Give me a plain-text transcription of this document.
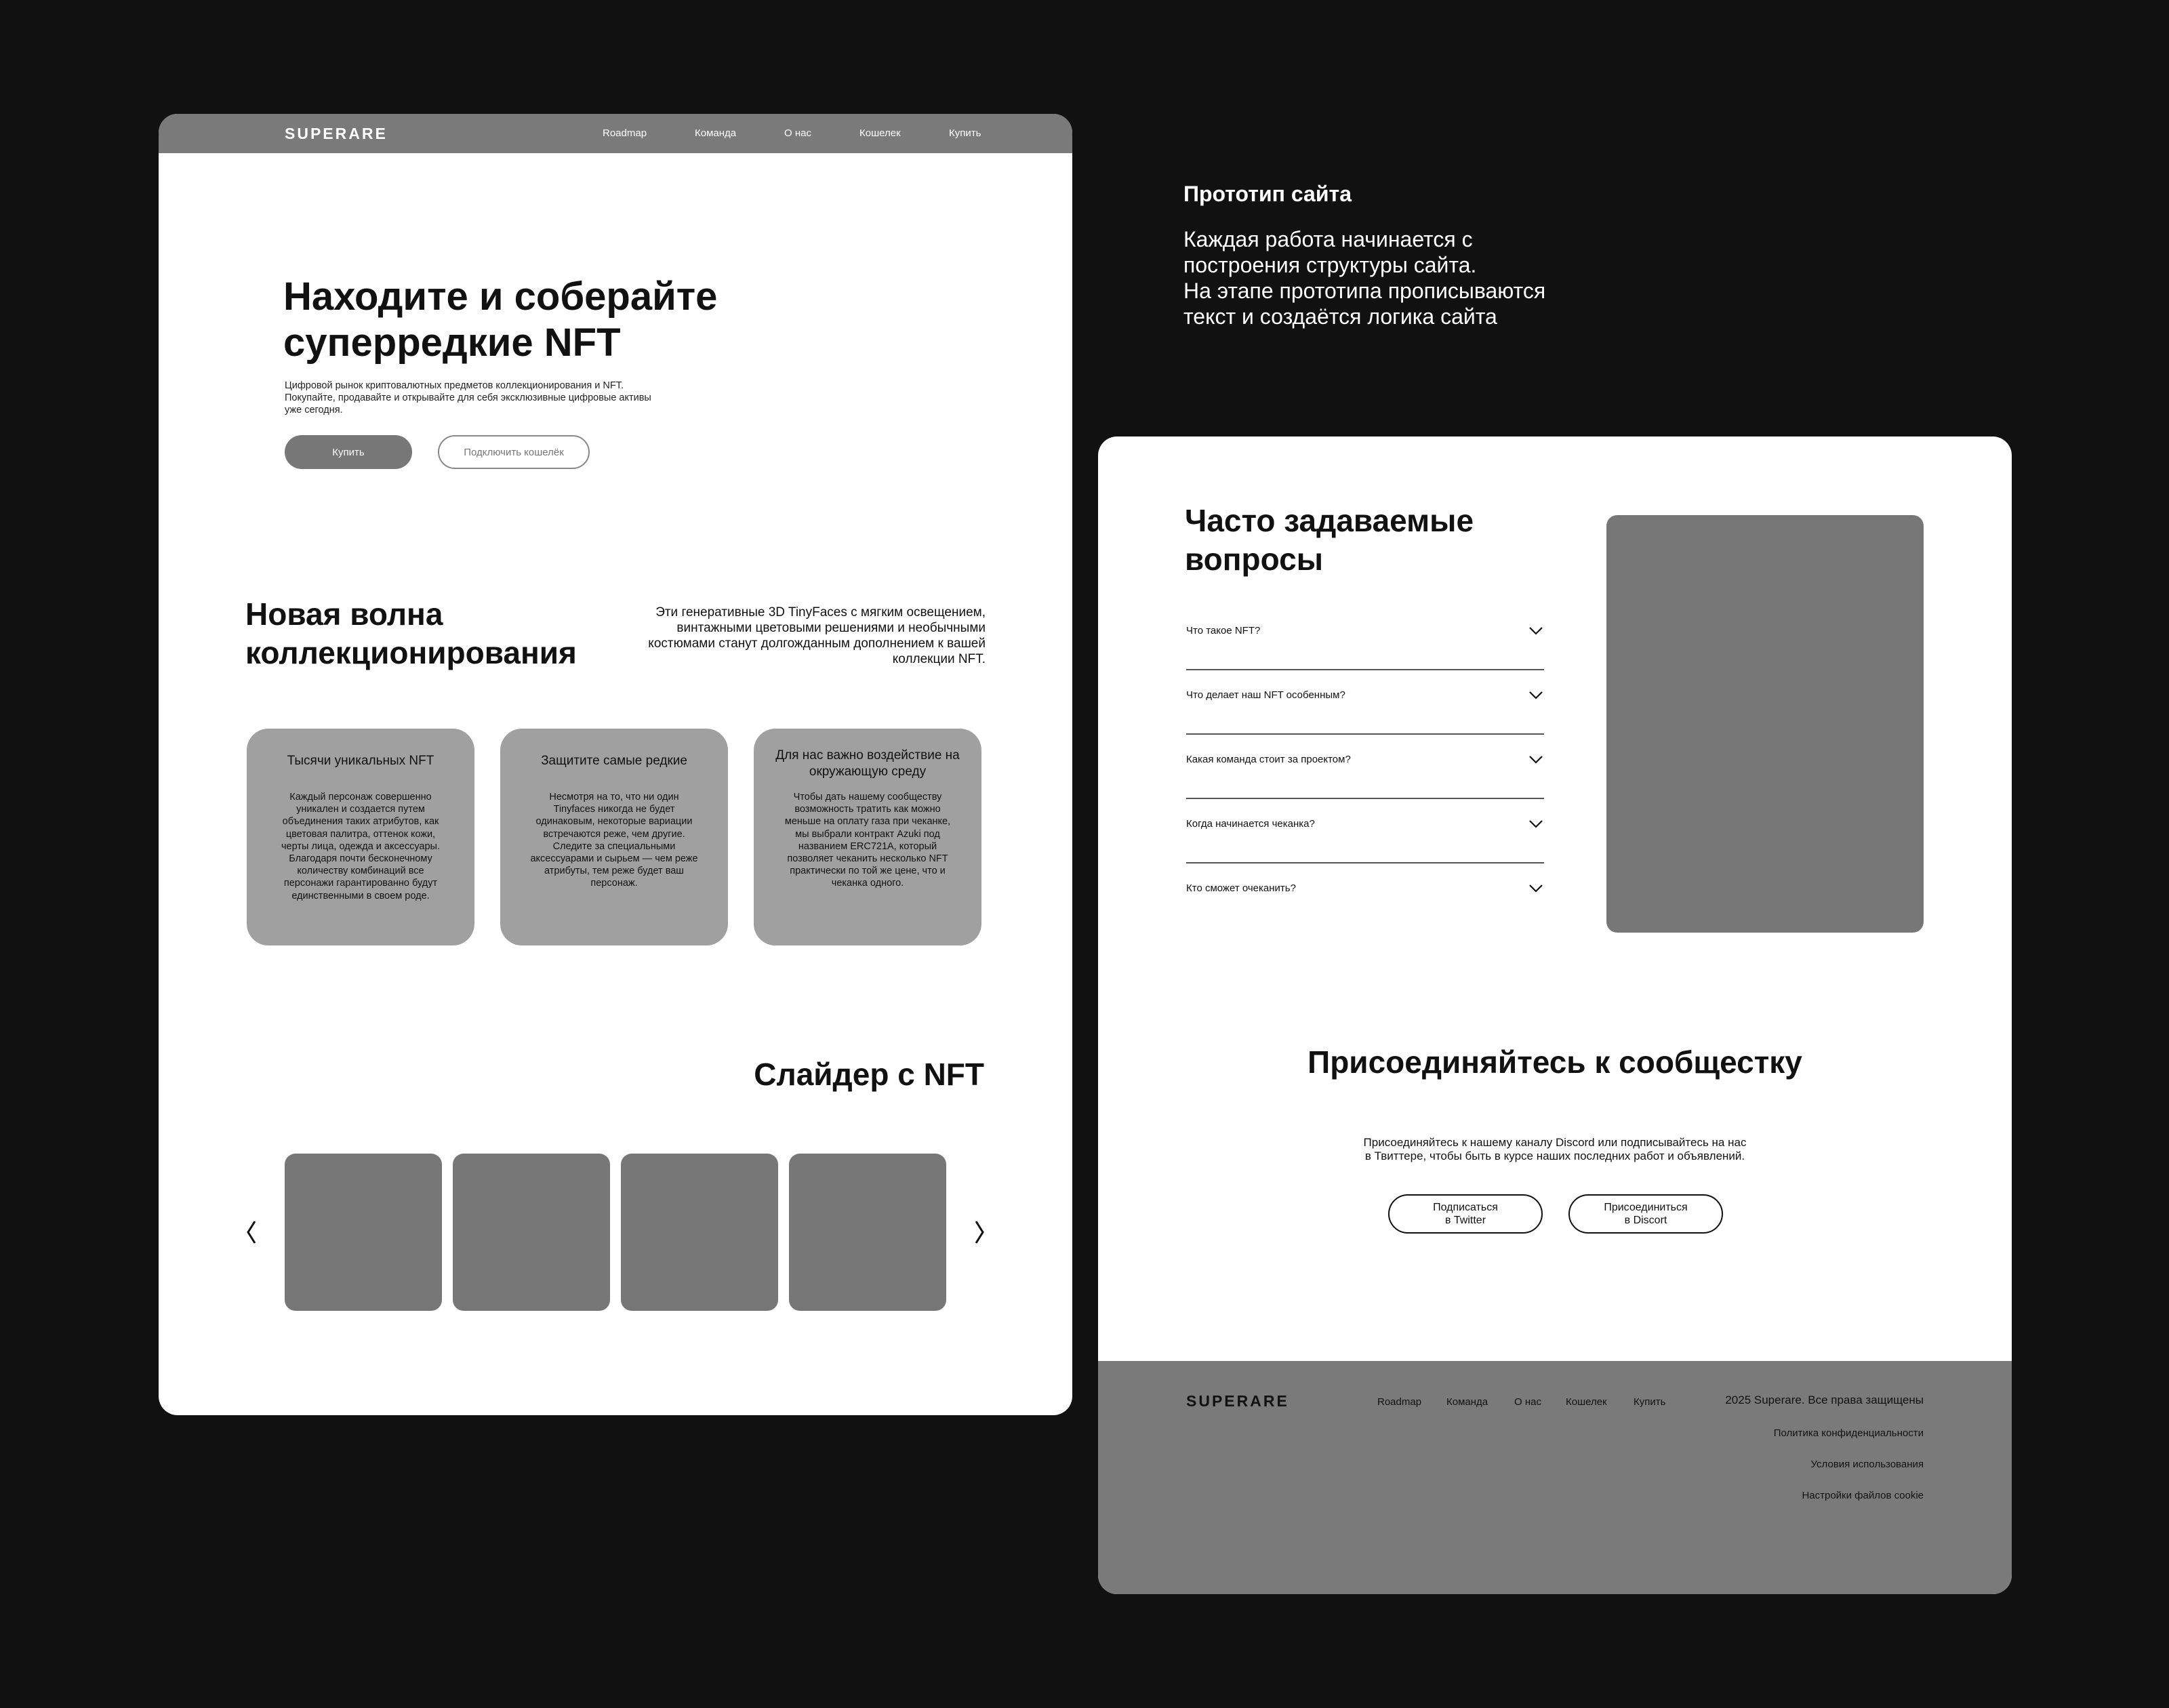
SUPERARE	Roadmap	Команда	О нас	Кошелек	Купить
Находите и соберайте
суперредкие NFT
Цифровой рынок криптовалютных предметов коллекционирования и NFT. Покупайте, продавайте и открывайте для себя эксклюзивные цифровые активы уже сегодня.
Купить	Подключить кошелёк
Новая волна
коллекционирования
Эти генеративные 3D TinyFaces с мягким освещением, винтажными цветовыми решениями и необычными костюмами станут долгожданным дополнением к вашей коллекции NFT.
Тысячи уникальных NFT
Каждый персонаж совершенно уникален и создается путем объединения таких атрибутов, как цветовая палитра, оттенок кожи, черты лица, одежда и аксессуары. Благодаря почти бесконечному количеству комбинаций все персонажи гарантированно будут единственными в своем роде.
Защитите самые редкие
Несмотря на то, что ни один Tinyfaces никогда не будет одинаковым, некоторые вариации встречаются реже, чем другие. Следите за специальными аксессуарами и сырьем — чем реже атрибуты, тем реже будет ваш персонаж.
Для нас важно воздействие на окружающую среду
Чтобы дать нашему сообществу возможность тратить как можно меньше на оплату газа при чеканке, мы выбрали контракт Azuki под названием ERC721A, который позволяет чеканить несколько NFT практически по той же цене, что и чеканка одного.
Слайдер с NFT
Прототип сайта
Каждая работа начинается с
построения структуры сайта.
На этапе прототипа прописываются
текст и создаётся логика сайта
Часто задаваемые
вопросы
Что такое NFT?
Что делает наш NFT особенным?
Какая команда стоит за проектом?
Когда начинается чеканка?
Кто сможет очеканить?
Присоединяйтесь к сообщестку
Присоединяйтесь к нашему каналу Discord или подписывайтесь на нас
в Твиттере, чтобы быть в курсе наших последних работ и объявлений.
Подписаться
в Twitter
Присоединиться
в Discort
SUPERARE	Roadmap Команда	О нас Кошелек	Купить	2025 Superare. Все права защищены
Политика конфиденциальности
Условия использования
Настройки файлов cookie
